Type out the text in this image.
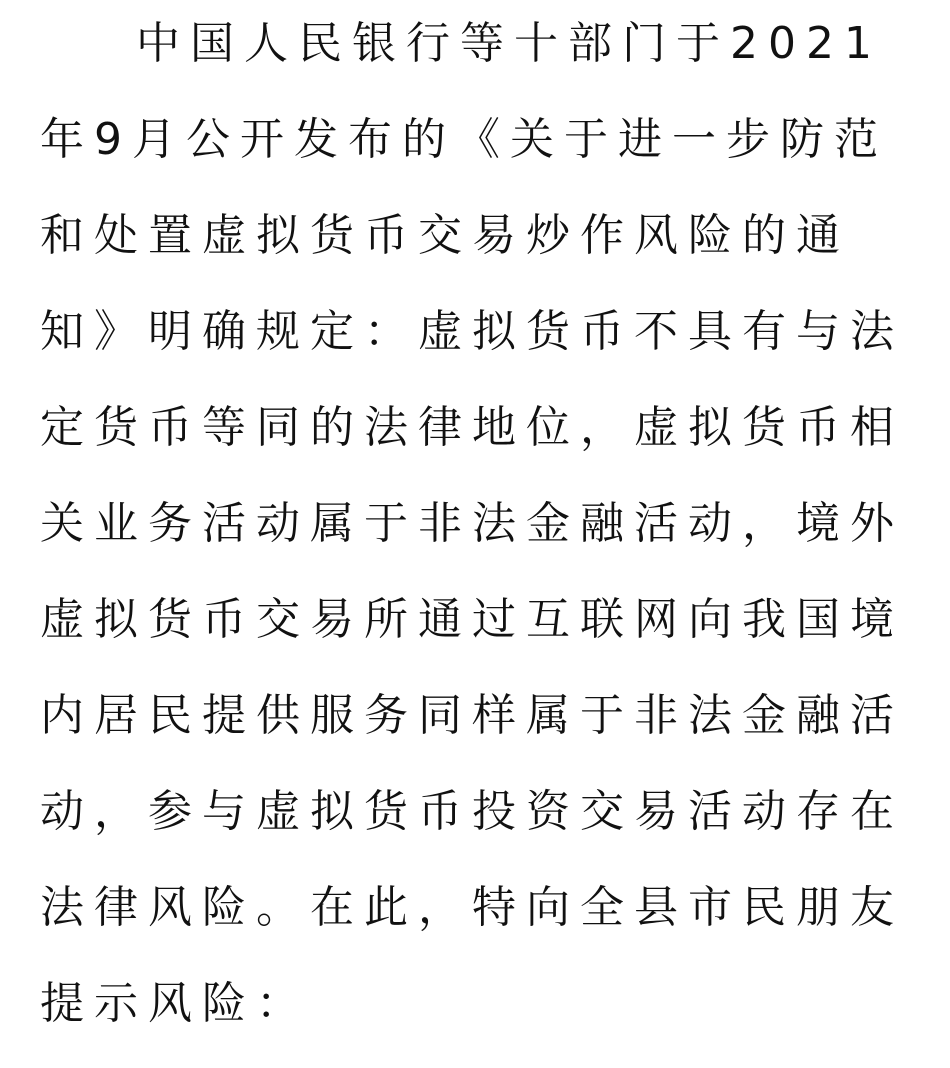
中国人民银行等十部门于2021
年9月公开发布的《关于进一步防范
和处置虚拟货币交易炒作风险的通
知》明确规定：虚拟货币不具有与法
定货币等同的法律地位，虚拟货币相
关业务活动属于非法金融活动，境外
虚拟货币交易所通过互联网向我国境
内居民提供服务同样属于非法金融活
动，参与虚拟货币投资交易活动存在
法律风险。在此，特向全县市民朋友
提示风险：
